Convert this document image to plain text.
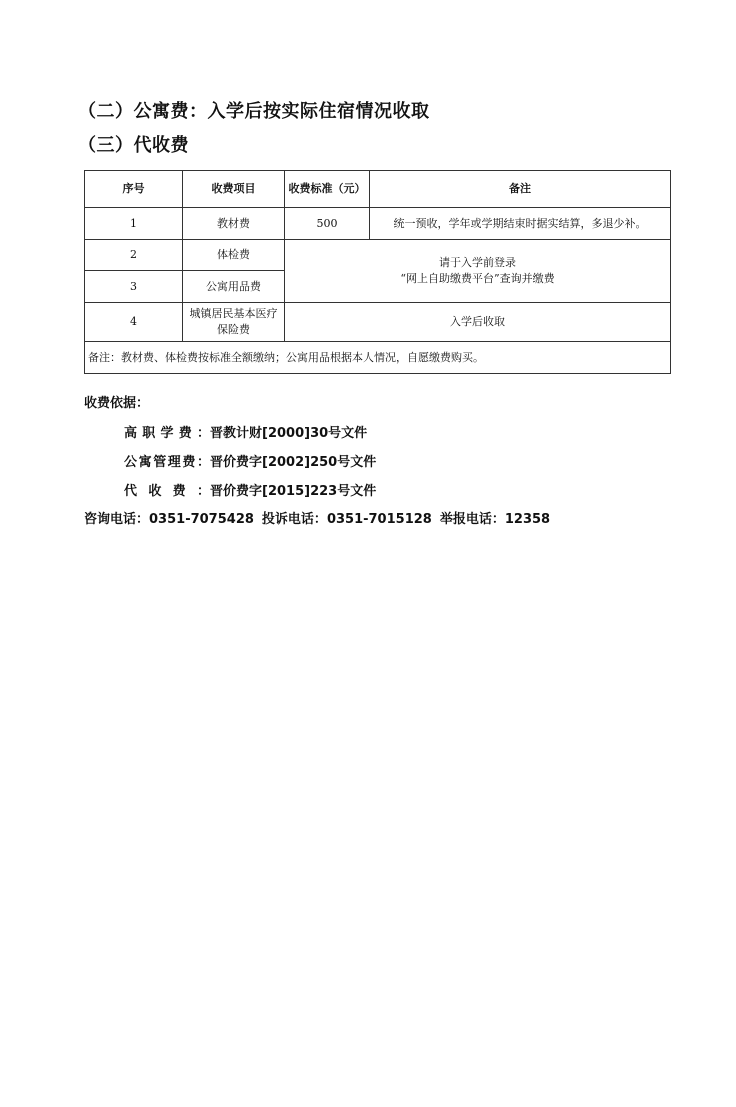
（二）公寓费：入学后按实际住宿情况收取
（三）代收费
序号	收费项目	收费标准（元）	备注
1	教材费	500	统一预收，学年或学期结束时据实结算，多退少补。
2	体检费	请于入学前登录
“网上自助缴费平台”查询并缴费	

3	公寓用品费		
4	城镇居民基本医疗保险费	入学后收取	
备注：教材费、体检费按标准全额缴纳；公寓用品根据本人情况，自愿缴费购买。			
收费依据：
高职学费：晋教计财[2000]30号文件
公寓管理费：晋价费字[2002]250号文件
代收费：晋价费字[2015]223号文件
咨询电话：0351-7075428 投诉电话：0351-7015128 举报电话：12358
